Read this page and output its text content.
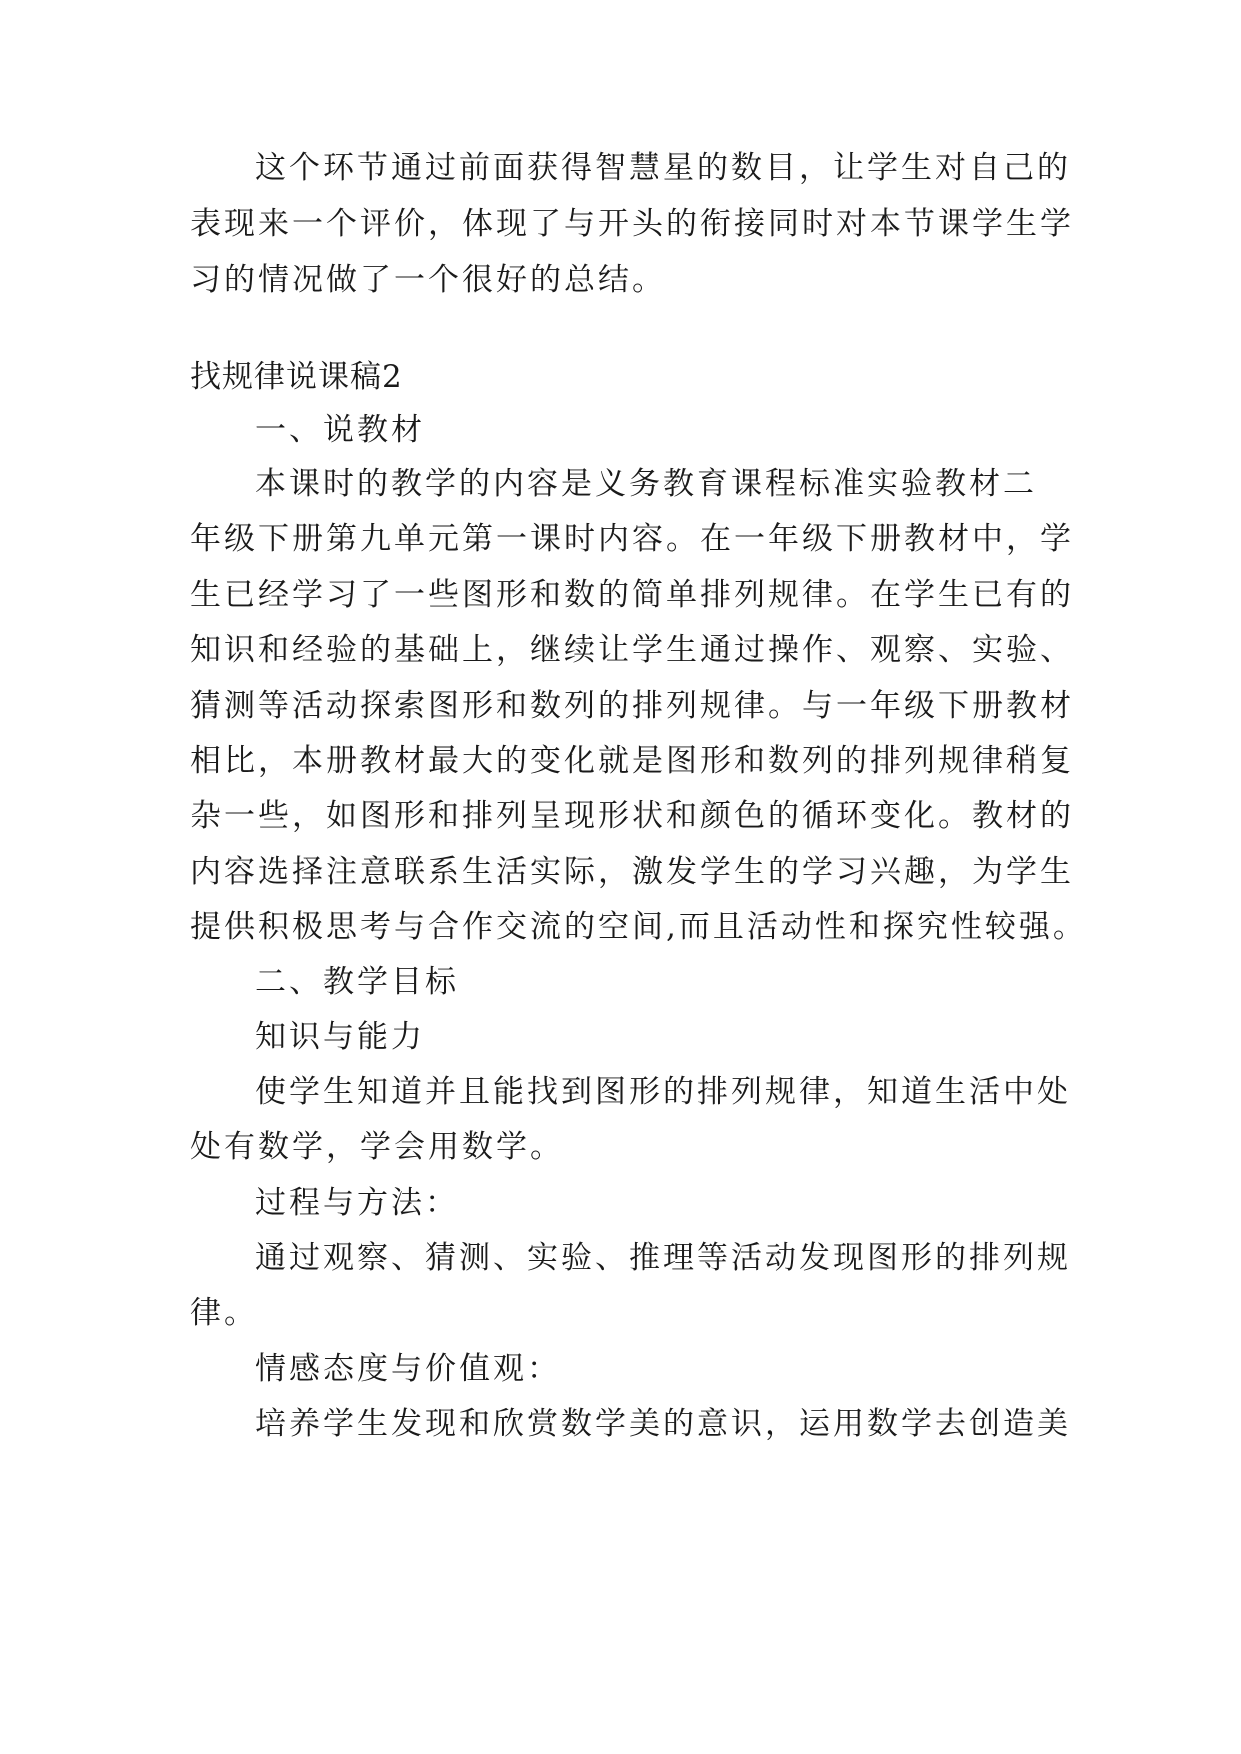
这个环节通过前面获得智慧星的数目，让学生对自己的
表现来一个评价，体现了与开头的衔接同时对本节课学生学
习的情况做了一个很好的总结。
找规律说课稿2
一、说教材
本课时的教学的内容是义务教育课程标准实验教材二
年级下册第九单元第一课时内容。在一年级下册教材中，学
生已经学习了一些图形和数的简单排列规律。在学生已有的
知识和经验的基础上，继续让学生通过操作、观察、实验、
猜测等活动探索图形和数列的排列规律。与一年级下册教材
相比，本册教材最大的变化就是图形和数列的排列规律稍复
杂一些，如图形和排列呈现形状和颜色的循环变化。教材的
内容选择注意联系生活实际，激发学生的学习兴趣，为学生
提供积极思考与合作交流的空间,而且活动性和探究性较强。
二、教学目标
知识与能力
使学生知道并且能找到图形的排列规律，知道生活中处
处有数学，学会用数学。
过程与方法：
通过观察、猜测、实验、推理等活动发现图形的排列规
律。
情感态度与价值观：
培养学生发现和欣赏数学美的意识，运用数学去创造美
